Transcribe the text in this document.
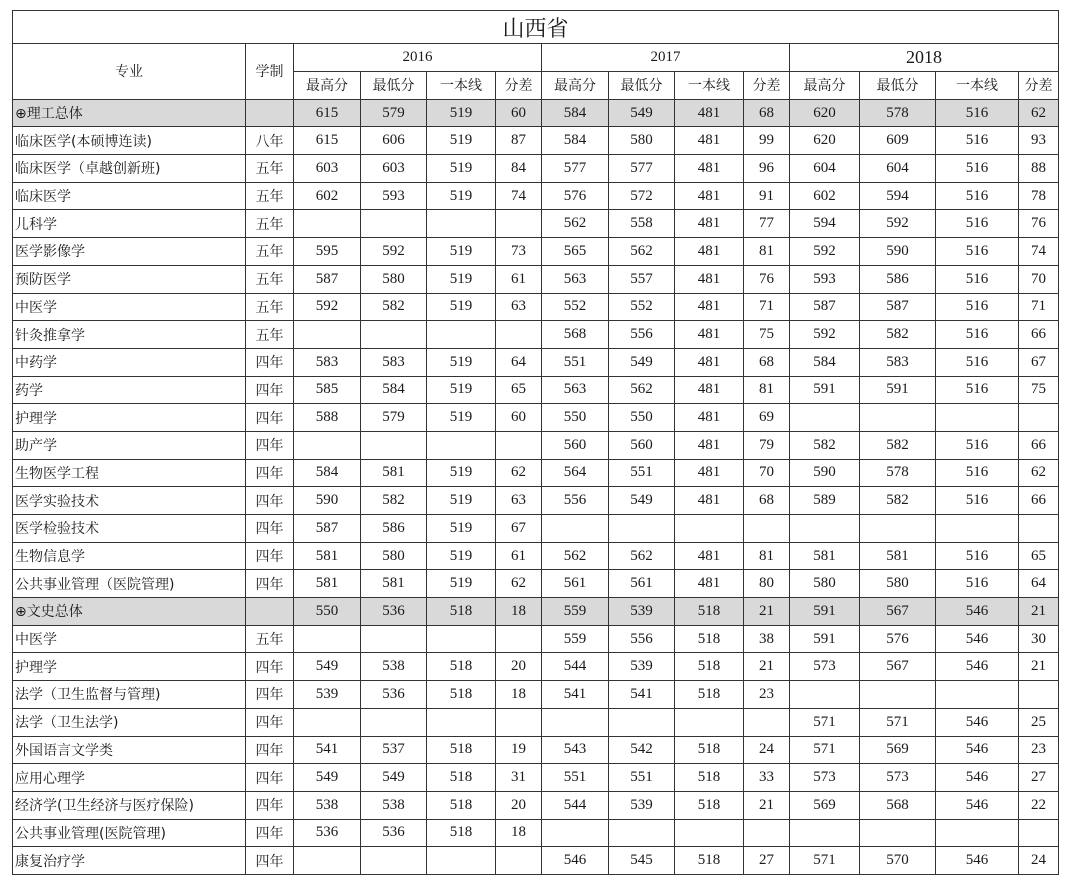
山西省													
专业	学制	2016				2017				2018			
		最高分	最低分	一本线	分差	最高分	最低分	一本线	分差	最高分	最低分	一本线	分差
⊕理工总体		615	579	519	60	584	549	481	68	620	578	516	62
临床医学(本硕博连读)	八年	615	606	519	87	584	580	481	99	620	609	516	93
临床医学（卓越创新班)	五年	603	603	519	84	577	577	481	96	604	604	516	88
临床医学	五年	602	593	519	74	576	572	481	91	602	594	516	78
儿科学	五年					562	558	481	77	594	592	516	76
医学影像学	五年	595	592	519	73	565	562	481	81	592	590	516	74
预防医学	五年	587	580	519	61	563	557	481	76	593	586	516	70
中医学	五年	592	582	519	63	552	552	481	71	587	587	516	71
针灸推拿学	五年					568	556	481	75	592	582	516	66
中药学	四年	583	583	519	64	551	549	481	68	584	583	516	67
药学	四年	585	584	519	65	563	562	481	81	591	591	516	75
护理学	四年	588	579	519	60	550	550	481	69				
助产学	四年					560	560	481	79	582	582	516	66
生物医学工程	四年	584	581	519	62	564	551	481	70	590	578	516	62
医学实验技术	四年	590	582	519	63	556	549	481	68	589	582	516	66
医学检验技术	四年	587	586	519	67								
生物信息学	四年	581	580	519	61	562	562	481	81	581	581	516	65
公共事业管理（医院管理)	四年	581	581	519	62	561	561	481	80	580	580	516	64
⊕文史总体		550	536	518	18	559	539	518	21	591	567	546	21
中医学	五年					559	556	518	38	591	576	546	30
护理学	四年	549	538	518	20	544	539	518	21	573	567	546	21
法学（卫生监督与管理)	四年	539	536	518	18	541	541	518	23				
法学（卫生法学)	四年									571	571	546	25
外国语言文学类	四年	541	537	518	19	543	542	518	24	571	569	546	23
应用心理学	四年	549	549	518	31	551	551	518	33	573	573	546	27
经济学(卫生经济与医疗保险)	四年	538	538	518	20	544	539	518	21	569	568	546	22
公共事业管理(医院管理)	四年	536	536	518	18								
康复治疗学	四年					546	545	518	27	571	570	546	24
